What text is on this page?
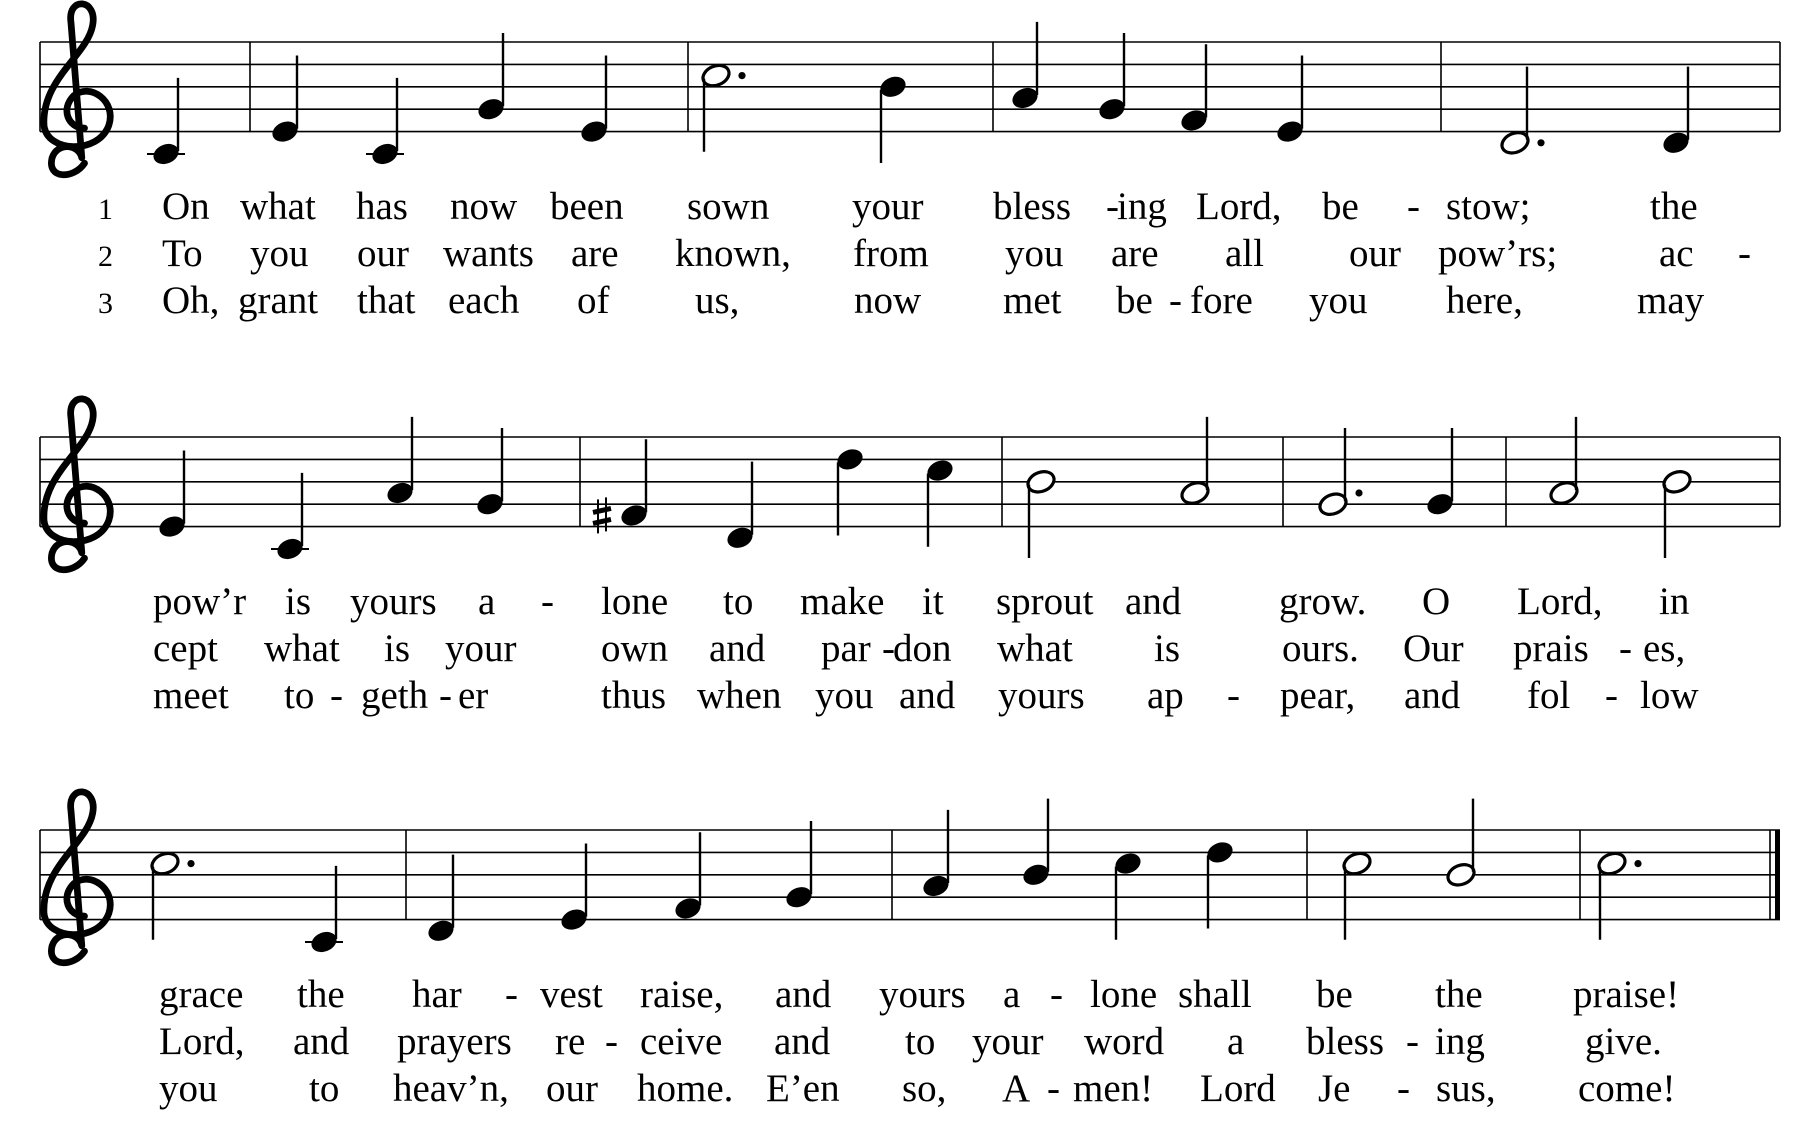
1
2
3
On what has now been sown your bless -
ing Lord, be - stow;	the
To you our wants are known, from you are all our pow’rs;	ac -
Oh, grant that each of us,	now met be - fore you here,	may
pow’r is yours a - lone to make it sprout and	grow. O Lord, in
cept what is your own and par -
don what is	ours. Our prais - es,
meet to - geth - er	thus when you and yours ap - pear, and fol - low
grace the har - vest raise, and yours a - lone shall be the praise!
Lord, and prayers re - ceive and to your word a bless - ing	give.
you to heav’n, our home. E’en so, A - men! Lord Je - sus, come!
